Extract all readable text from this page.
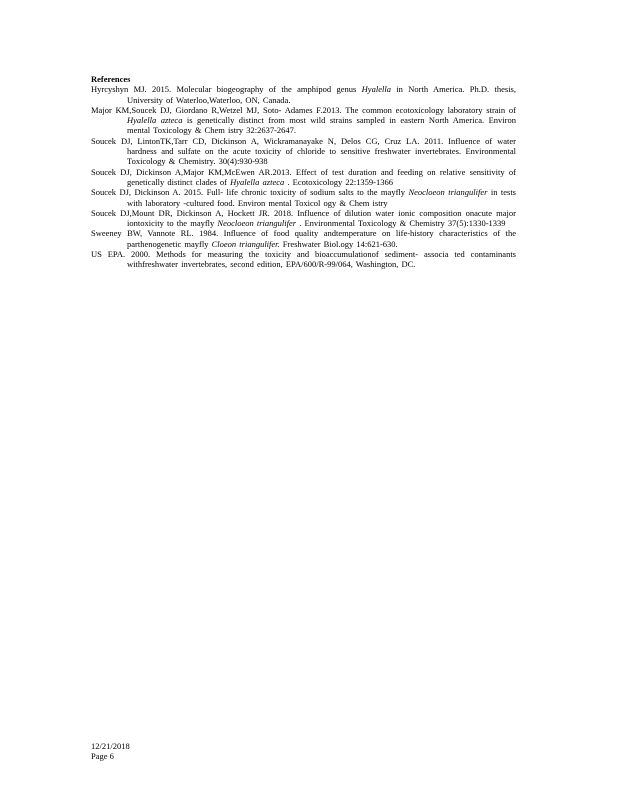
References

Hyrcyshyn MJ. 2015. Molecular biogeography of the amphipod genus Hyalella in North America. Ph.D. thesis, University of Waterloo,Waterloo, ON, Canada.

Major KM,Soucek DJ, Giordano R,Wetzel MJ, Soto- Adames F.2013. The common ecotoxicology laboratory strain of Hyalella azteca is genetically distinct from most wild strains sampled in eastern North America. Environ mental Toxicology & Chem istry 32:2637-2647.

Soucek DJ, LintonTK,Tarr CD, Dickinson A, Wickramanayake N, Delos CG, Cruz LA. 2011. Influence of water hardness and sulfate on the acute toxicity of chloride to sensitive freshwater invertebrates. Environmental Toxicology & Chemistry. 30(4):930-938

Soucek DJ, Dickinson A,Major KM,McEwen AR.2013. Effect of test duration and feeding on relative sensitivity of genetically distinct clades of Hyalella azteca . Ecotoxicology 22:1359-1366

Soucek DJ, Dickinson A. 2015. Full- life chronic toxicity of sodium salts to the mayfly Neocloeon triangulifer in tests with laboratory -cultured food. Environ mental Toxicol ogy & Chem istry

Soucek DJ,Mount DR, Dickinson A, Hockett JR. 2018. Influence of dilution water ionic composition onacute major iontoxicity to the mayfly Neocloeon triangulifer . Environmental Toxicology & Chemistry 37(5):1330-1339

Sweeney BW, Vannote RL. 1984. Influence of food quality andtemperature on life-history characteristics of the parthenogenetic mayfly Cloeon triangulifer. Freshwater Biol.ogy 14:621-630.

US EPA. 2000. Methods for measuring the toxicity and bioaccumulationof sediment- associa ted contaminants withfreshwater invertebrates, second edition, EPA/600/R-99/064, Washington, DC.

12/21/2018
Page 6
